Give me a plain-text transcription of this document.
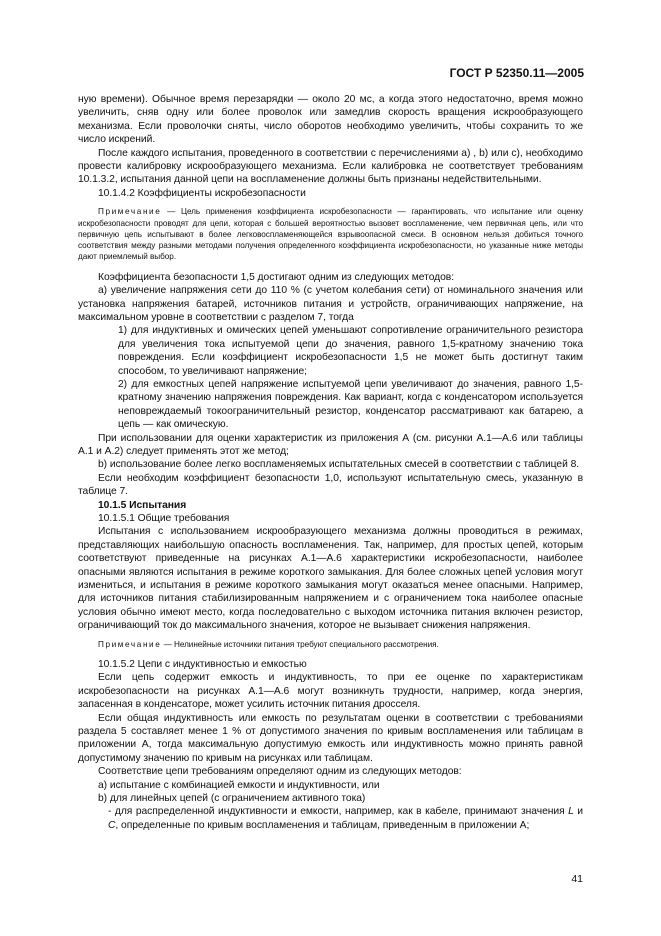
ГОСТ Р 52350.11—2005

ную времени). Обычное время перезарядки — около 20 мс, а когда этого недостаточно, время можно увеличить, сняв одну или более проволок или замедлив скорость вращения искрообразующего механизма. Если проволочки сняты, число оборотов необходимо увеличить, чтобы сохранить то же число искрений.

После каждого испытания, проведенного в соответствии с перечислениями а) , b) или с), необходимо провести калибровку искрообразующего механизма. Если калибровка не соответствует требованиям 10.1.3.2, испытания данной цепи на воспламенение должны быть признаны недействительными.

10.1.4.2 Коэффициенты искробезопасности

Примечание — Цель применения коэффициента искробезопасности — гарантировать, что испытание или оценку искробезопасности проводят для цепи, которая с большей вероятностью вызовет воспламенение, чем первичная цепь, или что первичную цепь испытывают в более легковоспламеняющейся взрывоопасной смеси. В основном нельзя добиться точного соответствия между разными методами получения определенного коэффициента искробезопасности, но указанные ниже методы дают приемлемый выбор.

Коэффициента безопасности 1,5 достигают одним из следующих методов:

a) увеличение напряжения сети до 110 % (с учетом колебания сети) от номинального значения или установка напряжения батарей, источников питания и устройств, ограничивающих напряжение, на максимальном уровне в соответствии с разделом 7, тогда

1) для индуктивных и омических цепей уменьшают сопротивление ограничительного резистора для увеличения тока испытуемой цепи до значения, равного 1,5-кратному значению тока повреждения. Если коэффициент искробезопасности 1,5 не может быть достигнут таким способом, то увеличивают напряжение;

2) для емкостных цепей напряжение испытуемой цепи увеличивают до значения, равного 1,5-кратному значению напряжения повреждения. Как вариант, когда с конденсатором используется неповреждаемый токоограничительный резистор, конденсатор рассматривают как батарею, а цепь — как омическую.

При использовании для оценки характеристик из приложения А (см. рисунки А.1—А.6 или таблицы А.1 и А.2) следует применять этот же метод;

b) использование более легко воспламеняемых испытательных смесей в соответствии с таблицей 8.

Если необходим коэффициент безопасности 1,0, используют испытательную смесь, указанную в таблице 7.

10.1.5 Испытания

10.1.5.1 Общие требования

Испытания с использованием искрообразующего механизма должны проводиться в режимах, представляющих наибольшую опасность воспламенения. Так, например, для простых цепей, которым соответствуют приведенные на рисунках А.1—А.6 характеристики искробезопасности, наиболее опасными являются испытания в режиме короткого замыкания. Для более сложных цепей условия могут измениться, и испытания в режиме короткого замыкания могут оказаться менее опасными. Например, для источников питания стабилизированным напряжением и с ограничением тока наиболее опасные условия обычно имеют место, когда последовательно с выходом источника питания включен резистор, ограничивающий ток до максимального значения, которое не вызывает снижения напряжения.

Примечание — Нелинейные источники питания требуют специального рассмотрения.

10.1.5.2 Цепи с индуктивностью и емкостью

Если цепь содержит емкость и индуктивность, то при ее оценке по характеристикам искробезопасности на рисунках А.1—А.6 могут возникнуть трудности, например, когда энергия, запасенная в конденсаторе, может усилить источник питания дросселя.

Если общая индуктивность или емкость по результатам оценки в соответствии с требованиями раздела 5 составляет менее 1 % от допустимого значения по кривым воспламенения или таблицам в приложении А, тогда максимальную допустимую емкость или индуктивность можно принять равной допустимому значению по кривым на рисунках или таблицам.

Соответствие цепи требованиям определяют одним из следующих методов:

a) испытание с комбинацией емкости и индуктивности, или

b) для линейных цепей (с ограничением активного тока)

- для распределенной индуктивности и емкости, например, как в кабеле, принимают значения L и C, определенные по кривым воспламенения и таблицам, приведенным в приложении А;

41
